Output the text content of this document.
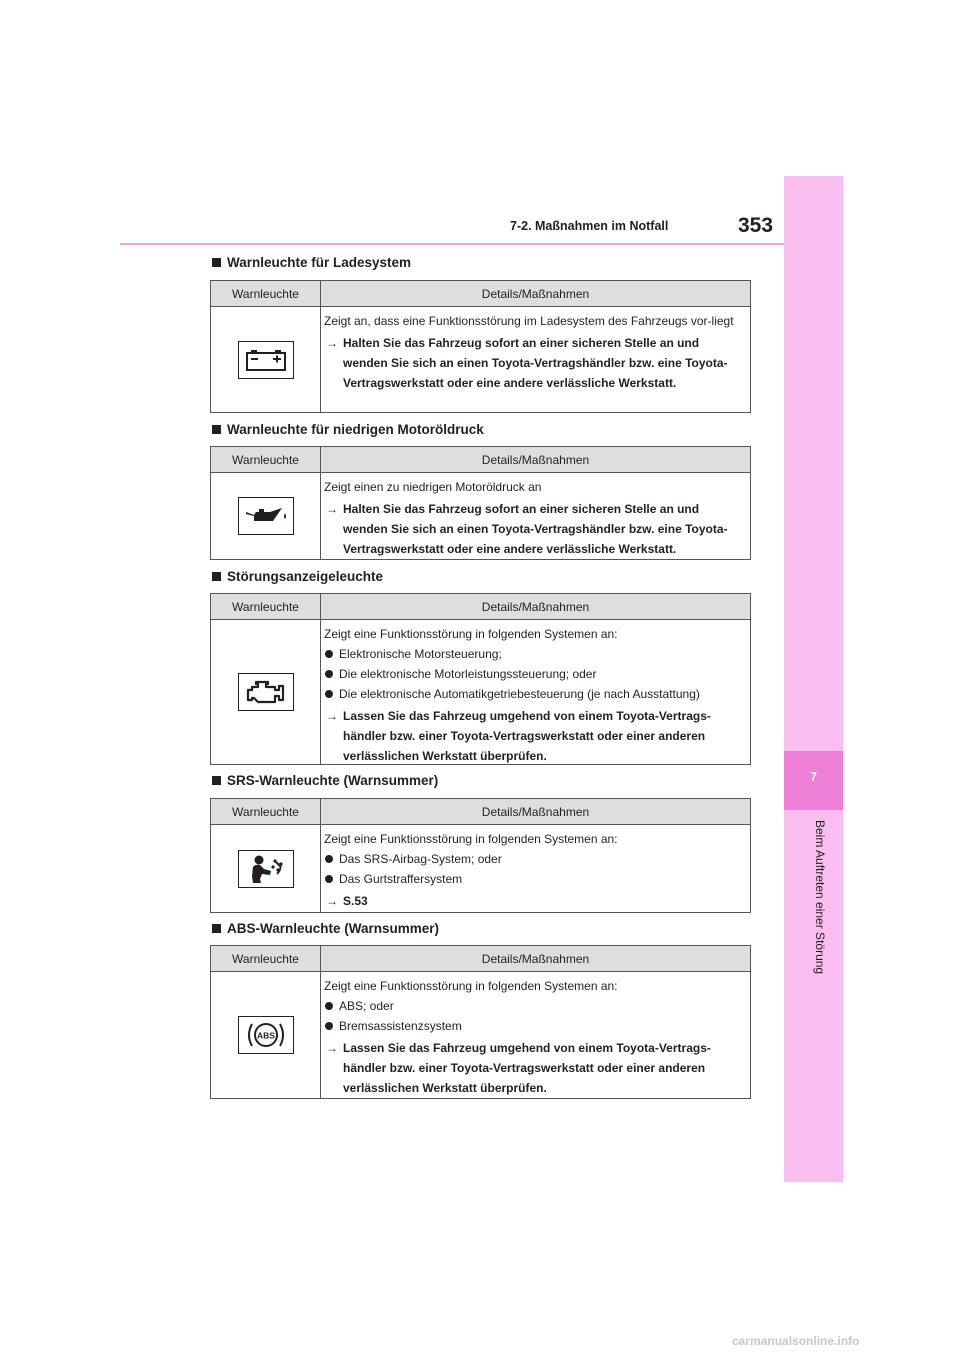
7-2. Maßnahmen im Notfall	353
7
Beim Auftreten einer Störung
Warnleuchte für Ladesystem
Warnleuchte	Details/Maßnahmen
Zeigt an, dass eine Funktionsstörung im Ladesystem des Fahrzeugs vor-liegt
→ Halten Sie das Fahrzeug sofort an einer sicheren Stelle an und wenden Sie sich an einen Toyota-Vertragshändler bzw. eine Toyota-Vertragswerkstatt oder eine andere verlässliche Werkstatt.
Warnleuchte für niedrigen Motoröldruck
Warnleuchte	Details/Maßnahmen
Zeigt einen zu niedrigen Motoröldruck an
→ Halten Sie das Fahrzeug sofort an einer sicheren Stelle an und wenden Sie sich an einen Toyota-Vertragshändler bzw. eine Toyota-Vertragswerkstatt oder eine andere verlässliche Werkstatt.
Störungsanzeigeleuchte
Warnleuchte	Details/Maßnahmen
Zeigt eine Funktionsstörung in folgenden Systemen an:
Elektronische Motorsteuerung;
Die elektronische Motorleistungssteuerung; oder
Die elektronische Automatikgetriebesteuerung (je nach Ausstattung)
→ Lassen Sie das Fahrzeug umgehend von einem Toyota-Vertrags-händler bzw. einer Toyota-Vertragswerkstatt oder einer anderen verlässlichen Werkstatt überprüfen.
SRS-Warnleuchte (Warnsummer)
Warnleuchte	Details/Maßnahmen
Zeigt eine Funktionsstörung in folgenden Systemen an:
Das SRS-Airbag-System; oder
Das Gurtstraffersystem
→ S.53
ABS-Warnleuchte (Warnsummer)
Warnleuchte	Details/Maßnahmen
ABS
Zeigt eine Funktionsstörung in folgenden Systemen an:
ABS; oder
Bremsassistenzsystem
→ Lassen Sie das Fahrzeug umgehend von einem Toyota-Vertrags-händler bzw. einer Toyota-Vertragswerkstatt oder einer anderen verlässlichen Werkstatt überprüfen.
carmanualsonline.info
